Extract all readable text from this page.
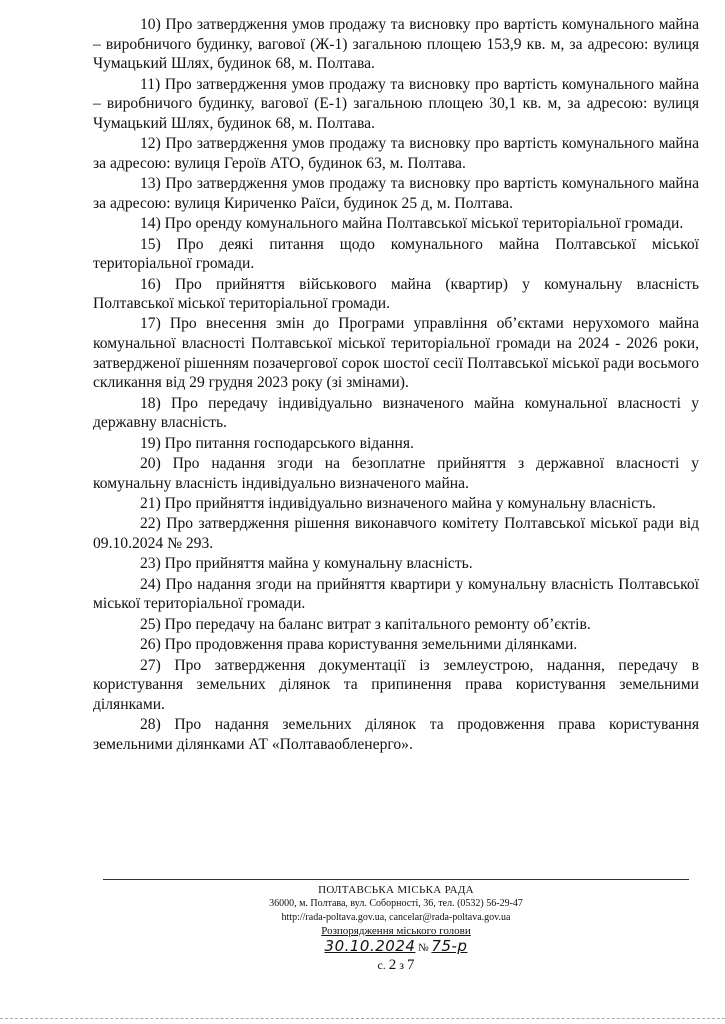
10) Про затвердження умов продажу та висновку про вартість комунального майна – виробничого будинку, вагової (Ж-1) загальною площею 153,9 кв. м, за адресою: вулиця Чумацький Шлях, будинок 68, м. Полтава.

11) Про затвердження умов продажу та висновку про вартість комунального майна – виробничого будинку, вагової (Е-1) загальною площею 30,1 кв. м, за адресою: вулиця Чумацький Шлях, будинок 68, м. Полтава.

12) Про затвердження умов продажу та висновку про вартість комунального майна за адресою: вулиця Героїв АТО, будинок 63, м. Полтава.

13) Про затвердження умов продажу та висновку про вартість комунального майна за адресою: вулиця Кириченко Раїси, будинок 25 д, м. Полтава.

14) Про оренду комунального майна Полтавської міської територіальної громади.

15) Про деякі питання щодо комунального майна Полтавської міської територіальної громади.

16) Про прийняття військового майна (квартир) у комунальну власність Полтавської міської територіальної громади.

17) Про внесення змін до Програми управління об’єктами нерухомого майна комунальної власності Полтавської міської територіальної громади на 2024 - 2026 роки, затвердженої рішенням позачергової сорок шостої сесії Полтавської міської ради восьмого скликання від 29 грудня 2023 року (зі змінами).

18) Про передачу індивідуально визначеного майна комунальної власності у державну власність.

19) Про питання господарського відання.

20) Про надання згоди на безоплатне прийняття з державної власності у комунальну власність індивідуально визначеного майна.

21) Про прийняття індивідуально визначеного майна у комунальну власність.

22) Про затвердження рішення виконавчого комітету Полтавської міської ради від 09.10.2024 № 293.

23) Про прийняття майна у комунальну власність.

24) Про надання згоди на прийняття квартири у комунальну власність Полтавської міської територіальної громади.

25) Про передачу на баланс витрат з капітального ремонту об’єктів.

26) Про продовження права користування земельними ділянками.

27) Про затвердження документації із землеустрою, надання, передачу в користування земельних ділянок та припинення права користування земельними ділянками.

28) Про надання земельних ділянок та продовження права користування земельними ділянками АТ «Полтаваобленерго».

ПОЛТАВСЬКА МІСЬКА РАДА
36000, м. Полтава, вул. Соборності, 36, тел. (0532) 56-29-47
http://rada-poltava.gov.ua, cancelar@rada-poltava.gov.ua
Розпорядження міського голови
30.10.2024 № 75-р
с. 2 з 7
